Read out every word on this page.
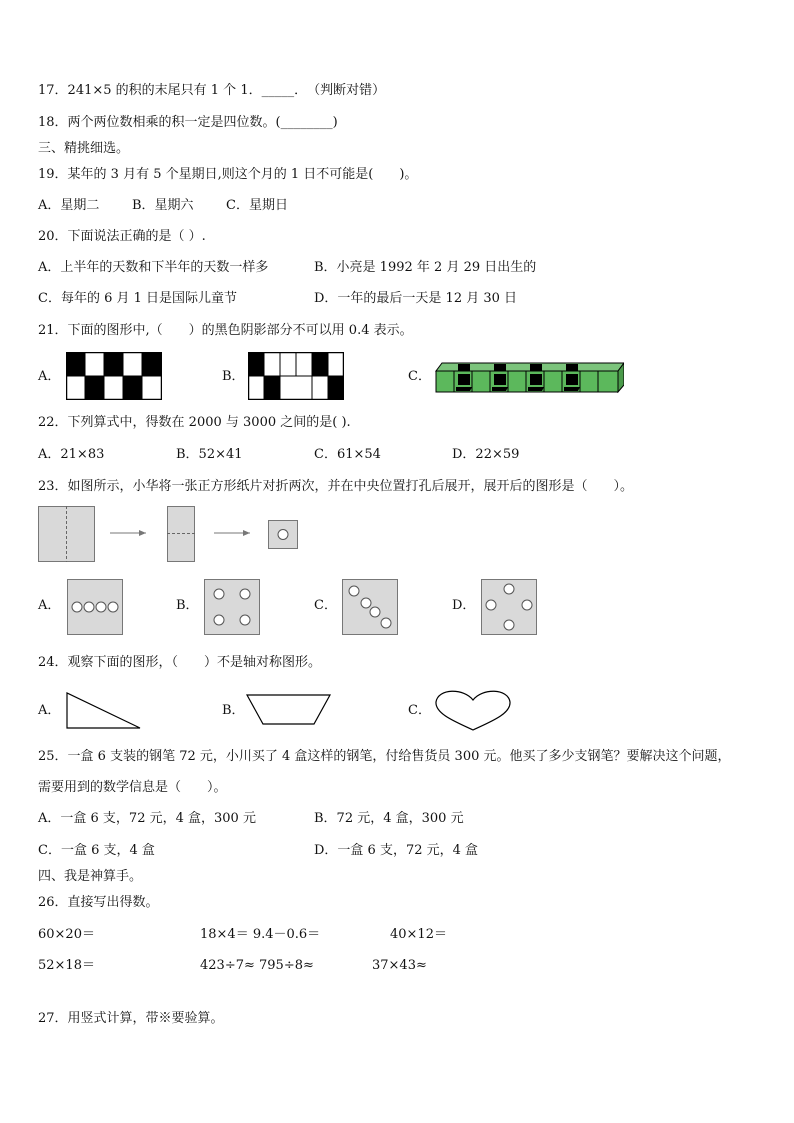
17．241×5 的积的末尾只有 1 个 1．_____．　（判断对错）
18．两个两位数相乘的积一定是四位数。(________)
三、精挑细选。
19．某年的 3 月有 5 个星期日,则这个月的 1 日不可能是(　　)。
A．星期二	B．星期六 C．星期日
20．下面说法正确的是（ ）.
A．上半年的天数和下半年的天数一样多	B．小亮是 1992 年 2 月 29 日出生的
C．每年的 6 月 1 日是国际儿童节	D．一年的最后一天是 12 月 30 日
21．下面的图形中,（　　）的黑色阴影部分不可以用 0.4 表示。
A．	B．	C．
22．下列算式中，得数在 2000 与 3000 之间的是( ).
A．21×83	B．52×41	C．61×54	D．22×59
23．如图所示，小华将一张正方形纸片对折两次，并在中央位置打孔后展开，展开后的图形是（　　）。
A．	B．	C．	D．
24．观察下面的图形，（　　）不是轴对称图形。
A．	B．	C．
25．一盒 6 支装的钢笔 72 元，小川买了 4 盒这样的钢笔，付给售货员 300 元。他买了多少支钢笔？要解决这个问题，
需要用到的数学信息是（　　）。
A．一盒 6 支，72 元，4 盒，300 元	B．72 元，4 盒，300 元
C．一盒 6 支，4 盒	D．一盒 6 支，72 元，4 盒
四、我是神算手。
26．直接写出得数。
60×20＝	18×4＝ 9.4－0.6＝	40×12＝
52×18＝	423÷7≈ 795÷8≈	37×43≈
27．用竖式计算，带※要验算。
